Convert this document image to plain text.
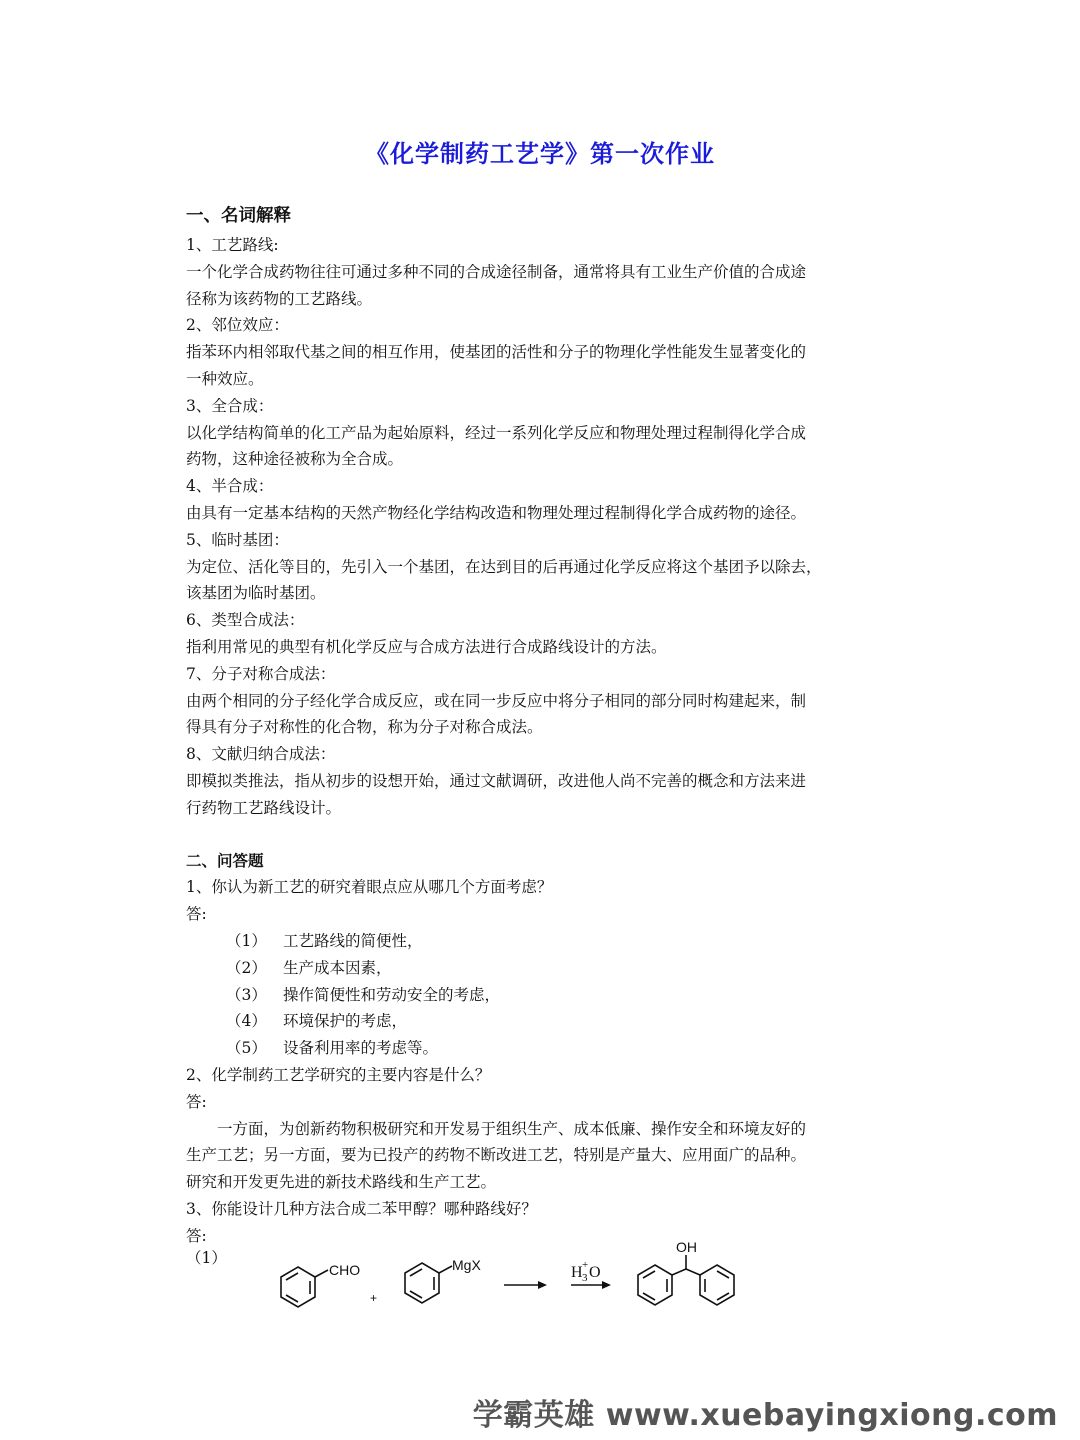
《化学制药工艺学》第一次作业
一、名词解释
1、工艺路线:
一个化学合成药物往往可通过多种不同的合成途径制备，通常将具有工业生产价值的合成途
径称为该药物的工艺路线。
2、邻位效应：
指苯环内相邻取代基之间的相互作用，使基团的活性和分子的物理化学性能发生显著变化的
一种效应。
3、全合成：
以化学结构简单的化工产品为起始原料，经过一系列化学反应和物理处理过程制得化学合成
药物，这种途径被称为全合成。
4、半合成：
由具有一定基本结构的天然产物经化学结构改造和物理处理过程制得化学合成药物的途径。
5、临时基团：
为定位、活化等目的，先引入一个基团，在达到目的后再通过化学反应将这个基团予以除去，
该基团为临时基团。
6、类型合成法：
指利用常见的典型有机化学反应与合成方法进行合成路线设计的方法。
7、分子对称合成法：
由两个相同的分子经化学合成反应，或在同一步反应中将分子相同的部分同时构建起来，制
得具有分子对称性的化合物，称为分子对称合成法。
8、文献归纳合成法：
即模拟类推法，指从初步的设想开始，通过文献调研，改进他人尚不完善的概念和方法来进
行药物工艺路线设计。
二、问答题
1、你认为新工艺的研究着眼点应从哪几个方面考虑？
答:
（1） 工艺路线的简便性，
（2） 生产成本因素，
（3） 操作简便性和劳动安全的考虑，
（4） 环境保护的考虑，
（5） 设备利用率的考虑等。
2、化学制药工艺学研究的主要内容是什么？
答:
一方面，为创新药物积极研究和开发易于组织生产、成本低廉、操作安全和环境友好的
生产工艺；另一方面，要为已投产的药物不断改进工艺，特别是产量大、应用面广的品种。
研究和开发更先进的新技术路线和生产工艺。
3、你能设计几种方法合成二苯甲醇？哪种路线好？
答:
（1）
CHO
+
MgX
OH
H 3
+ O
学霸英雄 www.xuebayingxiong.com
